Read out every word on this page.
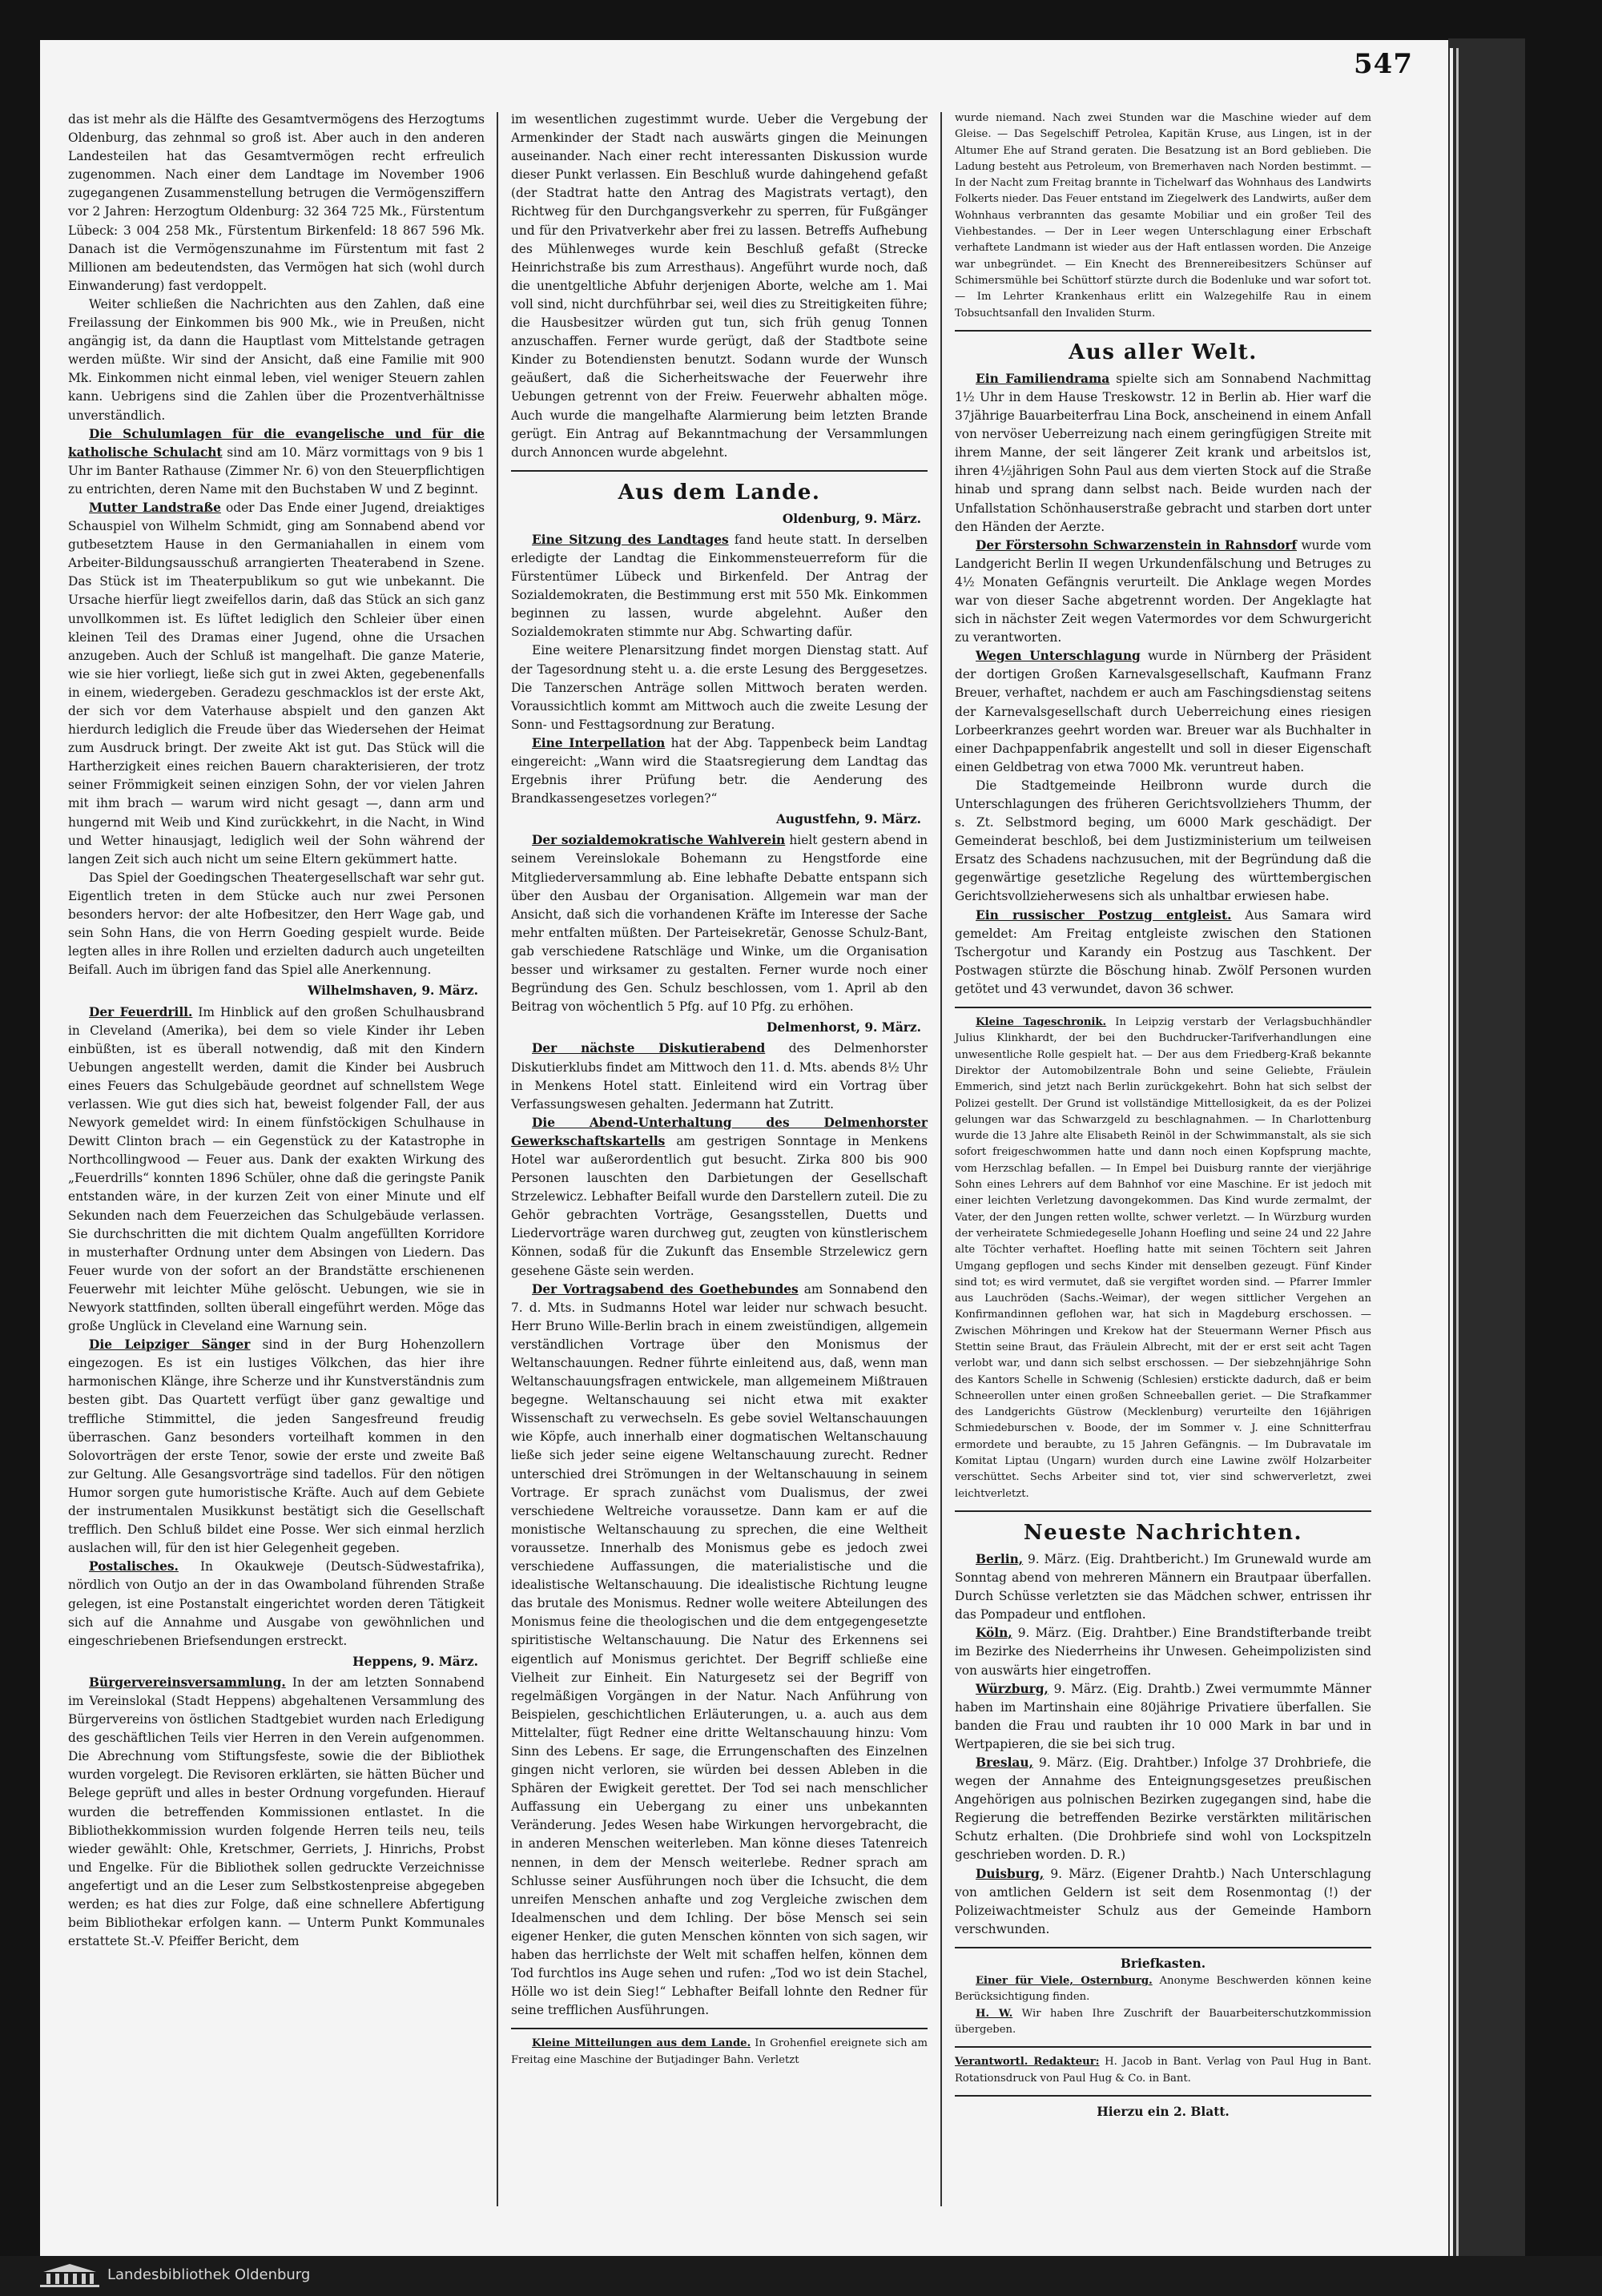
547

das ist mehr als die Hälfte des Gesamtvermögens des Herzogtums Oldenburg, das zehnmal so groß ist. Aber auch in den anderen Landesteilen hat das Gesamtvermögen recht erfreulich zugenommen. Nach einer dem Landtage im November 1906 zugegangenen Zusammenstellung betrugen die Vermögensziffern vor 2 Jahren: Herzogtum Oldenburg: 32 364 725 Mk., Fürstentum Lübeck: 3 004 258 Mk., Fürstentum Birkenfeld: 18 867 596 Mk. Danach ist die Vermögenszunahme im Fürstentum mit fast 2 Millionen am bedeutendsten, das Vermögen hat sich (wohl durch Einwanderung) fast verdoppelt.

Weiter schließen die Nachrichten aus den Zahlen, daß eine Freilassung der Einkommen bis 900 Mk., wie in Preußen, nicht angängig ist, da dann die Hauptlast vom Mittelstande getragen werden müßte. Wir sind der Ansicht, daß eine Familie mit 900 Mk. Einkommen nicht einmal leben, viel weniger Steuern zahlen kann. Uebrigens sind die Zahlen über die Prozentverhältnisse unverständlich.

Die Schulumlagen für die evangelische und für die katholische Schulacht sind am 10. März vormittags von 9 bis 1 Uhr im Banter Rathause (Zimmer Nr. 6) von den Steuerpflichtigen zu entrichten, deren Name mit den Buchstaben W und Z beginnt.

Mutter Landstraße oder Das Ende einer Jugend, dreiaktiges Schauspiel von Wilhelm Schmidt, ging am Sonnabend abend vor gutbesetztem Hause in den Germaniahallen in einem vom Arbeiter-Bildungsausschuß arrangierten Theaterabend in Szene. Das Stück ist im Theaterpublikum so gut wie unbekannt. Die Ursache hierfür liegt zweifellos darin, daß das Stück an sich ganz unvollkommen ist. Es lüftet lediglich den Schleier über einen kleinen Teil des Dramas einer Jugend, ohne die Ursachen anzugeben. Auch der Schluß ist mangelhaft. Die ganze Materie, wie sie hier vorliegt, ließe sich gut in zwei Akten, gegebenenfalls in einem, wiedergeben. Geradezu geschmacklos ist der erste Akt, der sich vor dem Vaterhause abspielt und den ganzen Akt hierdurch lediglich die Freude über das Wiedersehen der Heimat zum Ausdruck bringt. Der zweite Akt ist gut. Das Stück will die Hartherzigkeit eines reichen Bauern charakterisieren, der trotz seiner Frömmigkeit seinen einzigen Sohn, der vor vielen Jahren mit ihm brach — warum wird nicht gesagt —, dann arm und hungernd mit Weib und Kind zurückkehrt, in die Nacht, in Wind und Wetter hinausjagt, lediglich weil der Sohn während der langen Zeit sich auch nicht um seine Eltern gekümmert hatte.

Das Spiel der Goedingschen Theatergesellschaft war sehr gut. Eigentlich treten in dem Stücke auch nur zwei Personen besonders hervor: der alte Hofbesitzer, den Herr Wage gab, und sein Sohn Hans, die von Herrn Goeding gespielt wurde. Beide legten alles in ihre Rollen und erzielten dadurch auch ungeteilten Beifall. Auch im übrigen fand das Spiel alle Anerkennung.

Wilhelmshaven, 9. März.

Der Feuerdrill. Im Hinblick auf den großen Schulhausbrand in Cleveland (Amerika), bei dem so viele Kinder ihr Leben einbüßten, ist es überall notwendig, daß mit den Kindern Uebungen angestellt werden, damit die Kinder bei Ausbruch eines Feuers das Schulgebäude geordnet auf schnellstem Wege verlassen. Wie gut dies sich hat, beweist folgender Fall, der aus Newyork gemeldet wird: In einem fünfstöckigen Schulhause in Dewitt Clinton brach — ein Gegenstück zu der Katastrophe in Northcollingwood — Feuer aus. Dank der exakten Wirkung des „Feuerdrills“ konnten 1896 Schüler, ohne daß die geringste Panik entstanden wäre, in der kurzen Zeit von einer Minute und elf Sekunden nach dem Feuerzeichen das Schulgebäude verlassen. Sie durchschritten die mit dichtem Qualm angefüllten Korridore in musterhafter Ordnung unter dem Absingen von Liedern. Das Feuer wurde von der sofort an der Brandstätte erschienenen Feuerwehr mit leichter Mühe gelöscht. Uebungen, wie sie in Newyork stattfinden, sollten überall eingeführt werden. Möge das große Unglück in Cleveland eine Warnung sein.

Die Leipziger Sänger sind in der Burg Hohenzollern eingezogen. Es ist ein lustiges Völkchen, das hier ihre harmonischen Klänge, ihre Scherze und ihr Kunstverständnis zum besten gibt. Das Quartett verfügt über ganz gewaltige und treffliche Stimmittel, die jeden Sangesfreund freudig überraschen. Ganz besonders vorteilhaft kommen in den Solovorträgen der erste Tenor, sowie der erste und zweite Baß zur Geltung. Alle Gesangsvorträge sind tadellos. Für den nötigen Humor sorgen gute humoristische Kräfte. Auch auf dem Gebiete der instrumentalen Musikkunst bestätigt sich die Gesellschaft trefflich. Den Schluß bildet eine Posse. Wer sich einmal herzlich auslachen will, für den ist hier Gelegenheit gegeben.

Postalisches. In Okaukweje (Deutsch-Südwestafrika), nördlich von Outjo an der in das Owamboland führenden Straße gelegen, ist eine Postanstalt eingerichtet worden deren Tätigkeit sich auf die Annahme und Ausgabe von gewöhnlichen und eingeschriebenen Briefsendungen erstreckt.

Heppens, 9. März.

Bürgervereinsversammlung. In der am letzten Sonnabend im Vereinslokal (Stadt Heppens) abgehaltenen Versammlung des Bürgervereins von östlichen Stadtgebiet wurden nach Erledigung des geschäftlichen Teils vier Herren in den Verein aufgenommen. Die Abrechnung vom Stiftungsfeste, sowie die der Bibliothek wurden vorgelegt. Die Revisoren erklärten, sie hätten Bücher und Belege geprüft und alles in bester Ordnung vorgefunden. Hierauf wurden die betreffenden Kommissionen entlastet. In die Bibliothekkommission wurden folgende Herren teils neu, teils wieder gewählt: Ohle, Kretschmer, Gerriets, J. Hinrichs, Probst und Engelke. Für die Bibliothek sollen gedruckte Verzeichnisse angefertigt und an die Leser zum Selbstkostenpreise abgegeben werden; es hat dies zur Folge, daß eine schnellere Abfertigung beim Bibliothekar erfolgen kann. — Unterm Punkt Kommunales erstattete St.-V. Pfeiffer Bericht, dem

im wesentlichen zugestimmt wurde. Ueber die Vergebung der Armenkinder der Stadt nach auswärts gingen die Meinungen auseinander. Nach einer recht interessanten Diskussion wurde dieser Punkt verlassen. Ein Beschluß wurde dahingehend gefaßt (der Stadtrat hatte den Antrag des Magistrats vertagt), den Richtweg für den Durchgangsverkehr zu sperren, für Fußgänger und für den Privatverkehr aber frei zu lassen. Betreffs Aufhebung des Mühlenweges wurde kein Beschluß gefaßt (Strecke Heinrichstraße bis zum Arresthaus). Angeführt wurde noch, daß die unentgeltliche Abfuhr derjenigen Aborte, welche am 1. Mai voll sind, nicht durchführbar sei, weil dies zu Streitigkeiten führe; die Hausbesitzer würden gut tun, sich früh genug Tonnen anzuschaffen. Ferner wurde gerügt, daß der Stadtbote seine Kinder zu Botendiensten benutzt. Sodann wurde der Wunsch geäußert, daß die Sicherheitswache der Feuerwehr ihre Uebungen getrennt von der Freiw. Feuerwehr abhalten möge. Auch wurde die mangelhafte Alarmierung beim letzten Brande gerügt. Ein Antrag auf Bekanntmachung der Versammlungen durch Annoncen wurde abgelehnt.

Aus dem Lande.

Oldenburg, 9. März.

Eine Sitzung des Landtages fand heute statt. In derselben erledigte der Landtag die Einkommensteuerreform für die Fürstentümer Lübeck und Birkenfeld. Der Antrag der Sozialdemokraten, die Bestimmung erst mit 550 Mk. Einkommen beginnen zu lassen, wurde abgelehnt. Außer den Sozialdemokraten stimmte nur Abg. Schwarting dafür.

Eine weitere Plenarsitzung findet morgen Dienstag statt. Auf der Tagesordnung steht u. a. die erste Lesung des Berggesetzes. Die Tanzerschen Anträge sollen Mittwoch beraten werden. Voraussichtlich kommt am Mittwoch auch die zweite Lesung der Sonn- und Festtagsordnung zur Beratung.

Eine Interpellation hat der Abg. Tappenbeck beim Landtag eingereicht: „Wann wird die Staatsregierung dem Landtag das Ergebnis ihrer Prüfung betr. die Aenderung des Brandkassengesetzes vorlegen?“

Augustfehn, 9. März.

Der sozialdemokratische Wahlverein hielt gestern abend in seinem Vereinslokale Bohemann zu Hengstforde eine Mitgliederversammlung ab. Eine lebhafte Debatte entspann sich über den Ausbau der Organisation. Allgemein war man der Ansicht, daß sich die vorhandenen Kräfte im Interesse der Sache mehr entfalten müßten. Der Parteisekretär, Genosse Schulz-Bant, gab verschiedene Ratschläge und Winke, um die Organisation besser und wirksamer zu gestalten. Ferner wurde noch einer Begründung des Gen. Schulz beschlossen, vom 1. April ab den Beitrag von wöchentlich 5 Pfg. auf 10 Pfg. zu erhöhen.

Delmenhorst, 9. März.

Der nächste Diskutierabend des Delmenhorster Diskutierklubs findet am Mittwoch den 11. d. Mts. abends 8½ Uhr in Menkens Hotel statt. Einleitend wird ein Vortrag über Verfassungswesen gehalten. Jedermann hat Zutritt.

Die Abend-Unterhaltung des Delmenhorster Gewerkschaftskartells am gestrigen Sonntage in Menkens Hotel war außerordentlich gut besucht. Zirka 800 bis 900 Personen lauschten den Darbietungen der Gesellschaft Strzelewicz. Lebhafter Beifall wurde den Darstellern zuteil. Die zu Gehör gebrachten Vorträge, Gesangsstellen, Duetts und Liedervorträge waren durchweg gut, zeugten von künstlerischem Können, sodaß für die Zukunft das Ensemble Strzelewicz gern gesehene Gäste sein werden.

Der Vortragsabend des Goethebundes am Sonnabend den 7. d. Mts. in Sudmanns Hotel war leider nur schwach besucht. Herr Bruno Wille-Berlin brach in einem zweistündigen, allgemein verständlichen Vortrage über den Monismus der Weltanschauungen. Redner führte einleitend aus, daß, wenn man Weltanschauungsfragen entwickele, man allgemeinem Mißtrauen begegne. Weltanschauung sei nicht etwa mit exakter Wissenschaft zu verwechseln. Es gebe soviel Weltanschauungen wie Köpfe, auch innerhalb einer dogmatischen Weltanschauung ließe sich jeder seine eigene Weltanschauung zurecht. Redner unterschied drei Strömungen in der Weltanschauung in seinem Vortrage. Er sprach zunächst vom Dualismus, der zwei verschiedene Weltreiche voraussetze. Dann kam er auf die monistische Weltanschauung zu sprechen, die eine Weltheit voraussetze. Innerhalb des Monismus gebe es jedoch zwei verschiedene Auffassungen, die materialistische und die idealistische Weltanschauung. Die idealistische Richtung leugne das brutale des Monismus. Redner wolle weitere Abteilungen des Monismus feine die theologischen und die dem entgegengesetzte spiritistische Weltanschauung. Die Natur des Erkennens sei eigentlich auf Monismus gerichtet. Der Begriff schließe eine Vielheit zur Einheit. Ein Naturgesetz sei der Begriff von regelmäßigen Vorgängen in der Natur. Nach Anführung von Beispielen, geschichtlichen Erläuterungen, u. a. auch aus dem Mittelalter, fügt Redner eine dritte Weltanschauung hinzu: Vom Sinn des Lebens. Er sage, die Errungenschaften des Einzelnen gingen nicht verloren, sie würden bei dessen Ableben in die Sphären der Ewigkeit gerettet. Der Tod sei nach menschlicher Auffassung ein Uebergang zu einer uns unbekannten Veränderung. Jedes Wesen habe Wirkungen hervorgebracht, die in anderen Menschen weiterleben. Man könne dieses Tatenreich nennen, in dem der Mensch weiterlebe. Redner sprach am Schlusse seiner Ausführungen noch über die Ichsucht, die dem unreifen Menschen anhafte und zog Vergleiche zwischen dem Idealmenschen und dem Ichling. Der böse Mensch sei sein eigener Henker, die guten Menschen könnten von sich sagen, wir haben das herrlichste der Welt mit schaffen helfen, können dem Tod furchtlos ins Auge sehen und rufen: „Tod wo ist dein Stachel, Hölle wo ist dein Sieg!“ Lebhafter Beifall lohnte den Redner für seine trefflichen Ausführungen.

Kleine Mitteilungen aus dem Lande. In Grohenfiel ereignete sich am Freitag eine Maschine der Butjadinger Bahn. Verletzt

wurde niemand. Nach zwei Stunden war die Maschine wieder auf dem Gleise. — Das Segelschiff Petrolea, Kapitän Kruse, aus Lingen, ist in der Altumer Ehe auf Strand geraten. Die Besatzung ist an Bord geblieben. Die Ladung besteht aus Petroleum, von Bremerhaven nach Norden bestimmt. — In der Nacht zum Freitag brannte in Tichelwarf das Wohnhaus des Landwirts Folkerts nieder. Das Feuer entstand im Ziegelwerk des Landwirts, außer dem Wohnhaus verbrannten das gesamte Mobiliar und ein großer Teil des Viehbestandes. — Der in Leer wegen Unterschlagung einer Erbschaft verhaftete Landmann ist wieder aus der Haft entlassen worden. Die Anzeige war unbegründet. — Ein Knecht des Brennereibesitzers Schünser auf Schimersmühle bei Schüttorf stürzte durch die Bodenluke und war sofort tot. — Im Lehrter Krankenhaus erlitt ein Walzegehilfe Rau in einem Tobsuchtsanfall den Invaliden Sturm.

Aus aller Welt.

Ein Familiendrama spielte sich am Sonnabend Nachmittag 1½ Uhr in dem Hause Treskowstr. 12 in Berlin ab. Hier warf die 37jährige Bauarbeiterfrau Lina Bock, anscheinend in einem Anfall von nervöser Ueberreizung nach einem geringfügigen Streite mit ihrem Manne, der seit längerer Zeit krank und arbeitslos ist, ihren 4½jährigen Sohn Paul aus dem vierten Stock auf die Straße hinab und sprang dann selbst nach. Beide wurden nach der Unfallstation Schönhauserstraße gebracht und starben dort unter den Händen der Aerzte.

Der Förstersohn Schwarzenstein in Rahnsdorf wurde vom Landgericht Berlin II wegen Urkundenfälschung und Betruges zu 4½ Monaten Gefängnis verurteilt. Die Anklage wegen Mordes war von dieser Sache abgetrennt worden. Der Angeklagte hat sich in nächster Zeit wegen Vatermordes vor dem Schwurgericht zu verantworten.

Wegen Unterschlagung wurde in Nürnberg der Präsident der dortigen Großen Karnevalsgesellschaft, Kaufmann Franz Breuer, verhaftet, nachdem er auch am Faschingsdienstag seitens der Karnevalsgesellschaft durch Ueberreichung eines riesigen Lorbeerkranzes geehrt worden war. Breuer war als Buchhalter in einer Dachpappenfabrik angestellt und soll in dieser Eigenschaft einen Geldbetrag von etwa 7000 Mk. veruntreut haben.

Die Stadtgemeinde Heilbronn wurde durch die Unterschlagungen des früheren Gerichtsvollziehers Thumm, der s. Zt. Selbstmord beging, um 6000 Mark geschädigt. Der Gemeinderat beschloß, bei dem Justizministerium um teilweisen Ersatz des Schadens nachzusuchen, mit der Begründung daß die gegenwärtige gesetzliche Regelung des württembergischen Gerichtsvollzieherwesens sich als unhaltbar erwiesen habe.

Ein russischer Postzug entgleist. Aus Samara wird gemeldet: Am Freitag entgleiste zwischen den Stationen Tschergotur und Karandy ein Postzug aus Taschkent. Der Postwagen stürzte die Böschung hinab. Zwölf Personen wurden getötet und 43 verwundet, davon 36 schwer.

Kleine Tageschronik. In Leipzig verstarb der Verlagsbuchhändler Julius Klinkhardt, der bei den Buchdrucker-Tarifverhandlungen eine unwesentliche Rolle gespielt hat. — Der aus dem Friedberg-Kraß bekannte Direktor der Automobilzentrale Bohn und seine Geliebte, Fräulein Emmerich, sind jetzt nach Berlin zurückgekehrt. Bohn hat sich selbst der Polizei gestellt. Der Grund ist vollständige Mittellosigkeit, da es der Polizei gelungen war das Schwarzgeld zu beschlagnahmen. — In Charlottenburg wurde die 13 Jahre alte Elisabeth Reinöl in der Schwimmanstalt, als sie sich sofort freigeschwommen hatte und dann noch einen Kopfsprung machte, vom Herzschlag befallen. — In Empel bei Duisburg rannte der vierjährige Sohn eines Lehrers auf dem Bahnhof vor eine Maschine. Er ist jedoch mit einer leichten Verletzung davongekommen. Das Kind wurde zermalmt, der Vater, der den Jungen retten wollte, schwer verletzt. — In Würzburg wurden der verheiratete Schmiedegeselle Johann Hoefling und seine 24 und 22 Jahre alte Töchter verhaftet. Hoefling hatte mit seinen Töchtern seit Jahren Umgang gepflogen und sechs Kinder mit denselben gezeugt. Fünf Kinder sind tot; es wird vermutet, daß sie vergiftet worden sind. — Pfarrer Immler aus Lauchröden (Sachs.-Weimar), der wegen sittlicher Vergehen an Konfirmandinnen geflohen war, hat sich in Magdeburg erschossen. — Zwischen Möhringen und Krekow hat der Steuermann Werner Pfisch aus Stettin seine Braut, das Fräulein Albrecht, mit der er erst seit acht Tagen verlobt war, und dann sich selbst erschossen. — Der siebzehnjährige Sohn des Kantors Schelle in Schwenig (Schlesien) erstickte dadurch, daß er beim Schneerollen unter einen großen Schneeballen geriet. — Die Strafkammer des Landgerichts Güstrow (Mecklenburg) verurteilte den 16jährigen Schmiedeburschen v. Boode, der im Sommer v. J. eine Schnitterfrau ermordete und beraubte, zu 15 Jahren Gefängnis. — Im Dubravatale im Komitat Liptau (Ungarn) wurden durch eine Lawine zwölf Holzarbeiter verschüttet. Sechs Arbeiter sind tot, vier sind schwerverletzt, zwei leichtverletzt.

Neueste Nachrichten.

Berlin, 9. März. (Eig. Drahtbericht.) Im Grunewald wurde am Sonntag abend von mehreren Männern ein Brautpaar überfallen. Durch Schüsse verletzten sie das Mädchen schwer, entrissen ihr das Pompadeur und entflohen.

Köln, 9. März. (Eig. Drahtber.) Eine Brandstifterbande treibt im Bezirke des Niederrheins ihr Unwesen. Geheimpolizisten sind von auswärts hier eingetroffen.

Würzburg, 9. März. (Eig. Drahtb.) Zwei vermummte Männer haben im Martinshain eine 80jährige Privatiere überfallen. Sie banden die Frau und raubten ihr 10 000 Mark in bar und in Wertpapieren, die sie bei sich trug.

Breslau, 9. März. (Eig. Drahtber.) Infolge 37 Drohbriefe, die wegen der Annahme des Enteignungsgesetzes preußischen Angehörigen aus polnischen Bezirken zugegangen sind, habe die Regierung die betreffenden Bezirke verstärkten militärischen Schutz erhalten. (Die Drohbriefe sind wohl von Lockspitzeln geschrieben worden. D. R.)

Duisburg, 9. März. (Eigener Drahtb.) Nach Unterschlagung von amtlichen Geldern ist seit dem Rosenmontag (!) der Polizeiwachtmeister Schulz aus der Gemeinde Hamborn verschwunden.

Briefkasten.

Einer für Viele, Osternburg. Anonyme Beschwerden können keine Berücksichtigung finden.

H. W. Wir haben Ihre Zuschrift der Bauarbeiterschutzkommission übergeben.

Verantwortl. Redakteur: H. Jacob in Bant. Verlag von Paul Hug in Bant. Rotationsdruck von Paul Hug & Co. in Bant.

Hierzu ein 2. Blatt.

Landesbibliothek Oldenburg
